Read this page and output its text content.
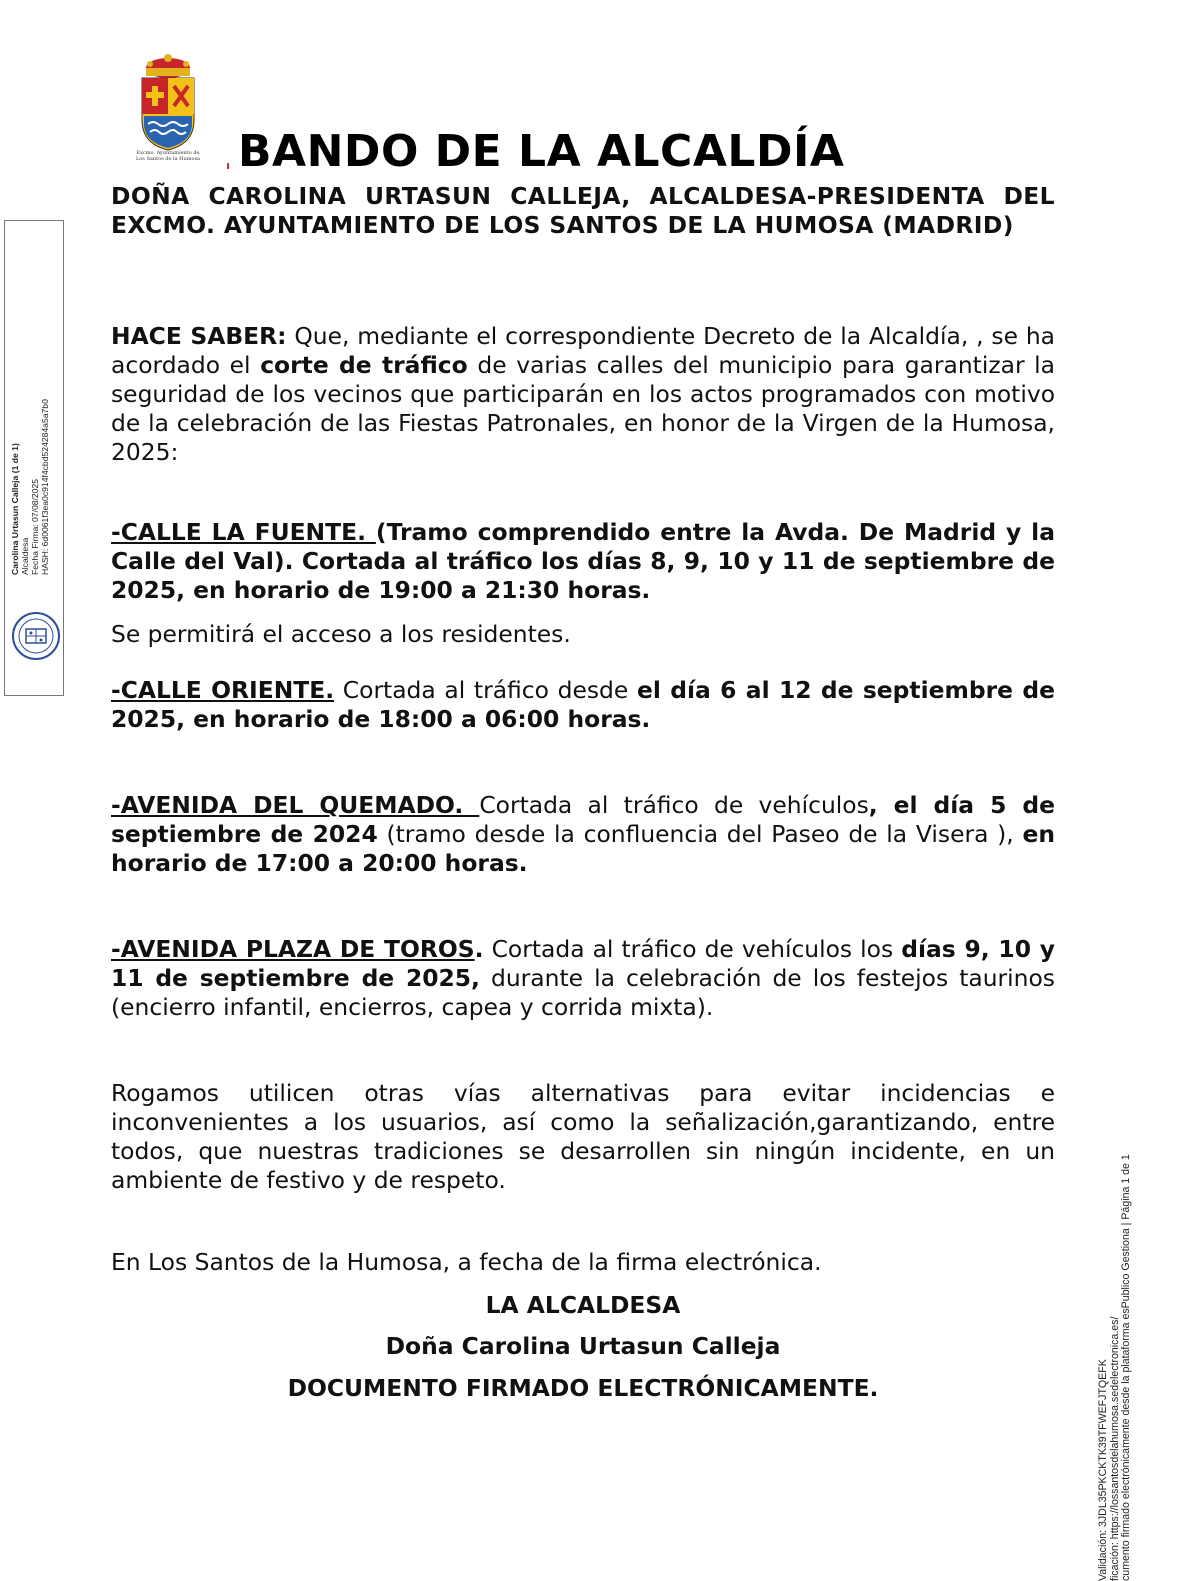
Excmo. Ayuntamiento de
Los Santos de la Humosa BANDO DE LA ALCALDÍA
DOÑA CAROLINA URTASUN CALLEJA, ALCALDESA-PRESIDENTA DEL EXCMO. AYUNTAMIENTO DE LOS SANTOS DE LA HUMOSA (MADRID)
HACE SABER: Que, mediante el correspondiente Decreto de la Alcaldía, , se ha acordado el corte de tráfico de varias calles del municipio para garantizar la seguridad de los vecinos que participarán en los actos programados con motivo de la celebración de las Fiestas Patronales, en honor de la Virgen de la Humosa, 2025:
-CALLE LA FUENTE. (Tramo comprendido entre la Avda. De Madrid y la Calle del Val). Cortada al tráfico los días 8, 9, 10 y 11 de septiembre de 2025, en horario de 19:00 a 21:30 horas.
Se permitirá el acceso a los residentes.
-CALLE ORIENTE. Cortada al tráfico desde el día 6 al 12 de septiembre de 2025, en horario de 18:00 a 06:00 horas.
-AVENIDA DEL QUEMADO. Cortada al tráfico de vehículos, el día 5 de septiembre de 2024 (tramo desde la confluencia del Paseo de la Visera ), en horario de 17:00 a 20:00 horas.
-AVENIDA PLAZA DE TOROS. Cortada al tráfico de vehículos los días 9, 10 y 11 de septiembre de 2025, durante la celebración de los festejos taurinos (encierro infantil, encierros, capea y corrida mixta).
Rogamos utilicen otras vías alternativas para evitar incidencias e inconvenientes a los usuarios, así como la señalización,garantizando, entre todos, que nuestras tradiciones se desarrollen sin ningún incidente, en un ambiente de festivo y de respeto.
En Los Santos de la Humosa, a fecha de la firma electrónica.
LA ALCALDESA
Doña Carolina Urtasun Calleja
DOCUMENTO FIRMADO ELECTRÓNICAMENTE.
Carolina Urtasun Calleja (1 de 1) Alcaldesa Fecha Firma: 07/08/2025 HASH: 6d0061f3ea0c914f4cbd524284a5a7b0
Validación: 3JDL35PKCKTK39TFWEFJTQEFK ficación: https://lossantosdelahumosa.sedelectronica.es/ cumento firmado electrónicamente desde la plataforma esPublico Gestiona | Página 1 de 1
